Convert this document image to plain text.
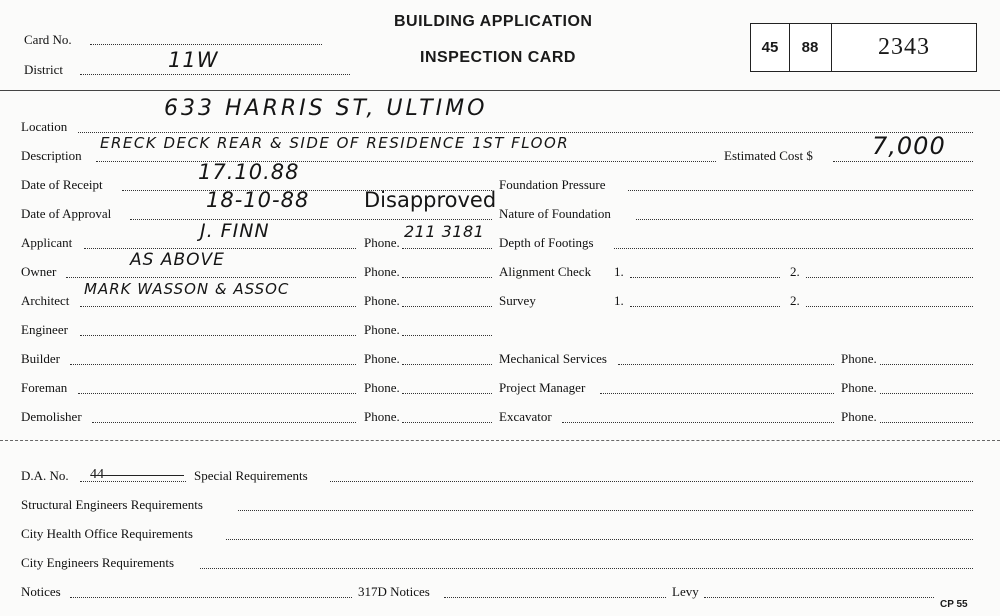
Card No.
District	11W
BUILDING APPLICATION
INSPECTION CARD
45	88	2343
Location
633 HARRIS ST, ULTIMO
Description
ERECK DECK REAR & SIDE OF RESIDENCE 1ST FLOOR
Estimated Cost $ 7,000
Date of Receipt
17.10.88
Date of Approval
18-10-88	Disapproved
Applicant
J. FINN
Phone.
211 3181
Owner
AS ABOVE
Phone.
Architect
MARK WASSON & ASSOC
Phone.
Engineer	Phone.
Builder	Phone.
Foreman	Phone.
Demolisher	Phone.
Foundation Pressure
Nature of Foundation
Depth of Footings
Alignment Check 1.	2.
Survey	1.	2.
Mechanical Services	Phone.
Project Manager	Phone.
Excavator	Phone.
D.A. No. 44	Special Requirements
Structural Engineers Requirements
City Health Office Requirements
City Engineers Requirements
Notices	317D Notices	Levy
CP 55
